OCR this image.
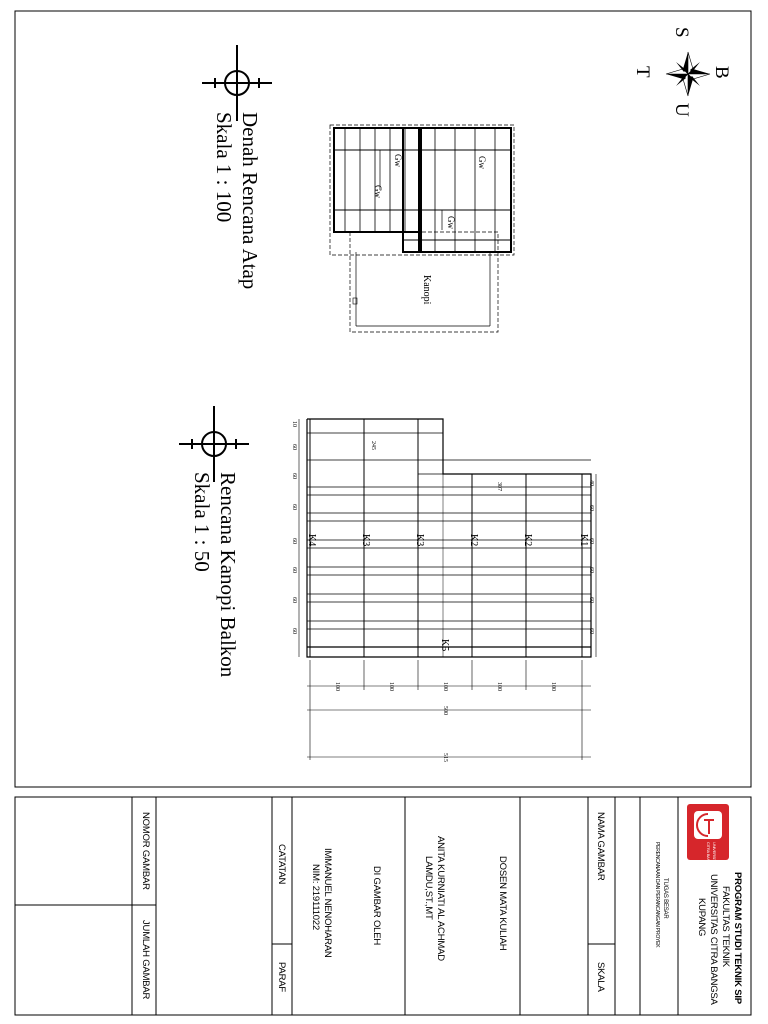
S
T	B
U
Denah Rencana Atap
Skala 1 : 100	Gw
Gw
Gw
Gw
Kanopi
Rencana Kanopi Balkon
Skala 1 : 50	K4	K3	K3	K2	K2	K1
K5
10
60
60
60
60
60
60
60
40
60
60
60
60
60
245
307
100	100	100	100	100
500
515
PROGRAM STUDI TEKNIK SIP
FAKULTAS TEKNIK
UNIVERSITAS CITRA BANGSA
KUPANG
UNIVERSITAS
CITRA BANGSA
TUGAS BESAR
PERENCANAAN DAN PERANCANGAN PROYEK
NAMA GAMBAR
SKALA
DOSEN MATA KULIAH
ANITA KURNIATI AL ACHMAD
LAMDU,ST.,MT
DI GAMBAR OLEH
IMMANUEL NENOHARAN
NIM: 219111022
CATATAN
PARAF
NOMOR GAMBAR
JUMLAH GAMBAR
